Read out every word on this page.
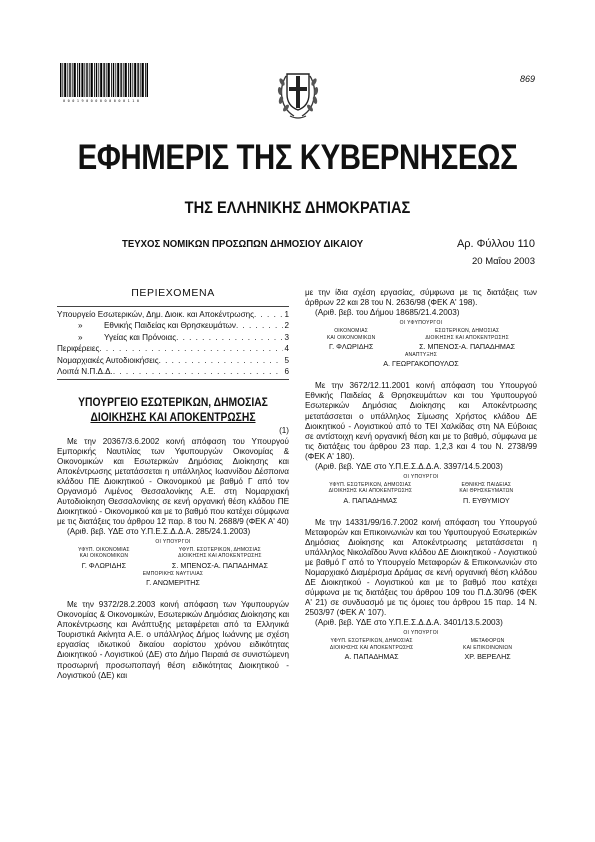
0 0 0 1 9 0 0 0 0 0 0 0 0 0 1 1 0
869
ΕΦΗΜΕΡΙΣ ΤΗΣ ΚΥΒΕΡΝΗΣΕΩΣ
ΤΗΣ ΕΛΛΗΝΙΚΗΣ ΔΗΜΟΚΡΑΤΙΑΣ
ΤΕΥΧΟΣ ΝΟΜΙΚΩΝ ΠΡΟΣΩΠΩΝ ΔΗΜΟΣΙΟΥ ΔΙΚΑΙΟΥ	Αρ. Φύλλου 110
20 Μαΐου 2003
ΠΕΡΙΕΧΟΜΕΝΑ
Υπουργείο Εσωτερικών, Δημ. Διοικ. και Αποκέντρωσης . . .	1
»	Εθνικής Παιδείας και Θρησκευμάτων . . .	2
»	Υγείας και Πρόνοιας . . .	3
Περιφέρειες . . .	4
Νομαρχιακές Αυτοδιοικήσεις . . .	5
Λοιπά Ν.Π.Δ.Δ. . . .	6
ΥΠΟΥΡΓΕΙΟ ΕΣΩΤΕΡΙΚΩΝ, ΔΗΜΟΣΙΑΣ
ΔΙΟΙΚΗΣΗΣ ΚΑΙ ΑΠΟΚΕΝΤΡΩΣΗΣ
(1)
Με την 20367/3.6.2002 κοινή απόφαση του Υπουργού Εμπορικής Ναυτιλίας των Υφυπουργών Οικονομίας & Οικονομικών και Εσωτερικών Δημόσιας Διοίκησης και Αποκέντρωσης μετατάσσεται η υπάλληλος Ιωαννίδου Δέσποινα κλάδου ΠΕ Διοικητικού - Οικονομικού με βαθμό Γ από τον Οργανισμό Λιμένος Θεσσαλονίκης Α.Ε. στη Νομαρχιακή Αυτοδιοίκηση Θεσσαλονίκης σε κενή οργανική θέση κλάδου ΠΕ Διοικητικού - Οικονομικού και με το βαθμό που κατέχει σύμφωνα με τις διατάξεις του άρθρου 12 παρ. 8 του Ν. 2688/9 (ΦΕΚ Α' 40)
(Αριθ. βεβ. ΥΔΕ στο Υ.Π.Ε.Σ.Δ.Δ.Α. 285/24.1.2003)
ΟΙ ΥΠΟΥΡΓΟΙ
ΥΦΥΠ. ΟΙΚΟΝΟΜΙΑΣ
ΚΑΙ ΟΙΚΟΝΟΜΙΚΩΝ
Γ. ΦΛΩΡΙΔΗΣ
ΥΦΥΠ. ΕΣΩΤΕΡΙΚΩΝ, ΔΗΜΟΣΙΑΣ
ΔΙΟΙΚΗΣΗΣ ΚΑΙ ΑΠΟΚΕΝΤΡΩΣΗΣ
Σ. ΜΠΕΝΟΣ-Α. ΠΑΠΑΔΗΜΑΣ
ΕΜΠΟΡΙΚΗΣ ΝΑΥΤΙΛΙΑΣ
Γ. ΑΝΩΜΕΡΙΤΗΣ
Με την 9372/28.2.2003 κοινή απόφαση των Υφυπουργών Οικονομίας & Οικονομικών, Εσωτερικών Δημόσιας Διοίκησης και Αποκέντρωσης και Ανάπτυξης μεταφέρεται από τα Ελληνικά Τουριστικά Ακίνητα Α.Ε. ο υπάλληλος Δήμος Ιωάννης με σχέση εργασίας ιδιωτικού δικαίου αορίστου χρόνου ειδικότητας Διοικητικού - Λογιστικού (ΔΕ) στο Δήμο Πειραιά σε συνιστώμενη προσωρινή προσωποπαγή θέση ειδικότητας Διοικητικού - Λογιστικού (ΔΕ) και
με την ίδια σχέση εργασίας, σύμφωνα με τις διατάξεις των άρθρων 22 και 28 του Ν. 2636/98 (ΦΕΚ Α' 198).
(Αριθ. βεβ. του Δήμου 18685/21.4.2003)
ΟΙ ΥΦΥΠΟΥΡΓΟΙ
ΟΙΚΟΝΟΜΙΑΣ
ΚΑΙ ΟΙΚΟΝΟΜΙΚΩΝ
Γ. ΦΛΩΡΙΔΗΣ
ΕΣΩΤΕΡΙΚΩΝ, ΔΗΜΟΣΙΑΣ
ΔΙΟΙΚΗΣΗΣ ΚΑΙ ΑΠΟΚΕΝΤΡΩΣΗΣ
Σ. ΜΠΕΝΟΣ-Α. ΠΑΠΑΔΗΜΑΣ
ΑΝΑΠΤΥΞΗΣ
Α. ΓΕΩΡΓΑΚΟΠΟΥΛΟΣ
Με την 3672/12.11.2001 κοινή απόφαση του Υπουργού Εθνικής Παιδείας & Θρησκευμάτων και του Υφυπουργού Εσωτερικών Δημόσιας Διοίκησης και Αποκέντρωσης μετατάσσεται ο υπάλληλος Σίμωσης Χρήστος κλάδου ΔΕ Διοικητικού - Λογιστικού από το ΤΕΙ Χαλκίδας στη ΝΑ Εύβοιας σε αντίστοιχη κενή οργανική θέση και με το βαθμό, σύμφωνα με τις διατάξεις του άρθρου 23 παρ. 1,2,3 και 4 του Ν. 2738/99 (ΦΕΚ Α' 180).
(Αριθ. βεβ. ΥΔΕ στο Υ.Π.Ε.Σ.Δ.Δ.Α. 3397/14.5.2003)
ΟΙ ΥΠΟΥΡΓΟΙ
ΥΦΥΠ. ΕΣΩΤΕΡΙΚΩΝ, ΔΗΜΟΣΙΑΣ
ΔΙΟΙΚΗΣΗΣ ΚΑΙ ΑΠΟΚΕΝΤΡΩΣΗΣ
Α. ΠΑΠΑΔΗΜΑΣ
ΕΘΝΙΚΗΣ ΠΑΙΔΕΙΑΣ
ΚΑΙ ΘΡΗΣΚΕΥΜΑΤΩΝ
Π. ΕΥΘΥΜΙΟΥ
Με την 14331/99/16.7.2002 κοινή απόφαση του Υπουργού Μεταφορών και Επικοινωνιών και του Υφυπουργού Εσωτερικών Δημόσιας Διοίκησης και Αποκέντρωσης μετατάσσεται η υπάλληλος Νικολαΐδου Άννα κλάδου ΔΕ Διοικητικού - Λογιστικού με βαθμό Γ από το Υπουργείο Μεταφορών & Επικοινωνιών στο Νομαρχιακό Διαμέρισμα Δράμας σε κενή οργανική θέση κλάδου ΔΕ Διοικητικού - Λογιστικού και με το βαθμό που κατέχει σύμφωνα με τις διατάξεις του άρθρου 109 του Π.Δ.30/96 (ΦΕΚ Α' 21) σε συνδυασμό με τις όμοιες του άρθρου 15 παρ. 14 Ν. 2503/97 (ΦΕΚ Α' 107).
(Αριθ. βεβ. ΥΔΕ στο Υ.Π.Ε.Σ.Δ.Δ.Α. 3401/13.5.2003)
ΟΙ ΥΠΟΥΡΓΟΙ
ΥΦΥΠ. ΕΣΩΤΕΡΙΚΩΝ, ΔΗΜΟΣΙΑΣ
ΔΙΟΙΚΗΣΗΣ ΚΑΙ ΑΠΟΚΕΝΤΡΩΣΗΣ
Α. ΠΑΠΑΔΗΜΑΣ
ΜΕΤΑΦΟΡΩΝ
ΚΑΙ ΕΠΙΚΟΙΝΩΝΙΩΝ
ΧΡ. ΒΕΡΕΛΗΣ
